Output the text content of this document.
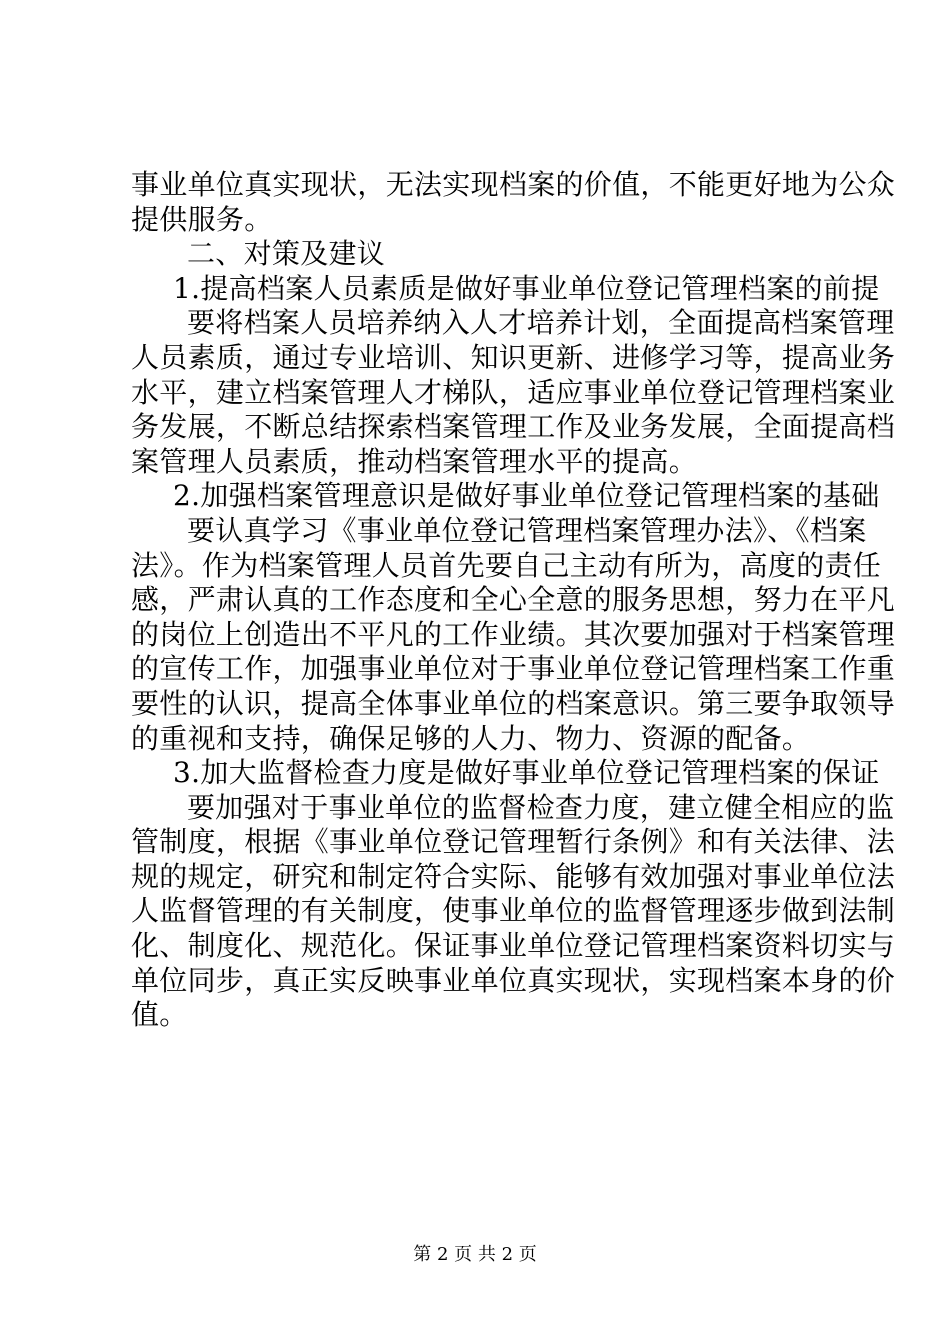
事业单位真实现状，无法实现档案的价值，不能更好地为公众
提供服务。
二、对策及建议
1.提高档案人员素质是做好事业单位登记管理档案的前提
要将档案人员培养纳入人才培养计划，全面提高档案管理
人员素质，通过专业培训、知识更新、进修学习等，提高业务
水平，建立档案管理人才梯队，适应事业单位登记管理档案业
务发展，不断总结探索档案管理工作及业务发展，全面提高档
案管理人员素质，推动档案管理水平的提高。
2.加强档案管理意识是做好事业单位登记管理档案的基础
要认真学习《事业单位登记管理档案管理办法》、《档案
法》。作为档案管理人员首先要自己主动有所为，高度的责任
感，严肃认真的工作态度和全心全意的服务思想，努力在平凡
的岗位上创造出不平凡的工作业绩。其次要加强对于档案管理
的宣传工作，加强事业单位对于事业单位登记管理档案工作重
要性的认识，提高全体事业单位的档案意识。第三要争取领导
的重视和支持，确保足够的人力、物力、资源的配备。
3.加大监督检查力度是做好事业单位登记管理档案的保证
要加强对于事业单位的监督检查力度，建立健全相应的监
管制度，根据《事业单位登记管理暂行条例》和有关法律、法
规的规定，研究和制定符合实际、能够有效加强对事业单位法
人监督管理的有关制度，使事业单位的监督管理逐步做到法制
化、制度化、规范化。保证事业单位登记管理档案资料切实与
单位同步，真正实反映事业单位真实现状，实现档案本身的价
值。
第 2 页 共 2 页
